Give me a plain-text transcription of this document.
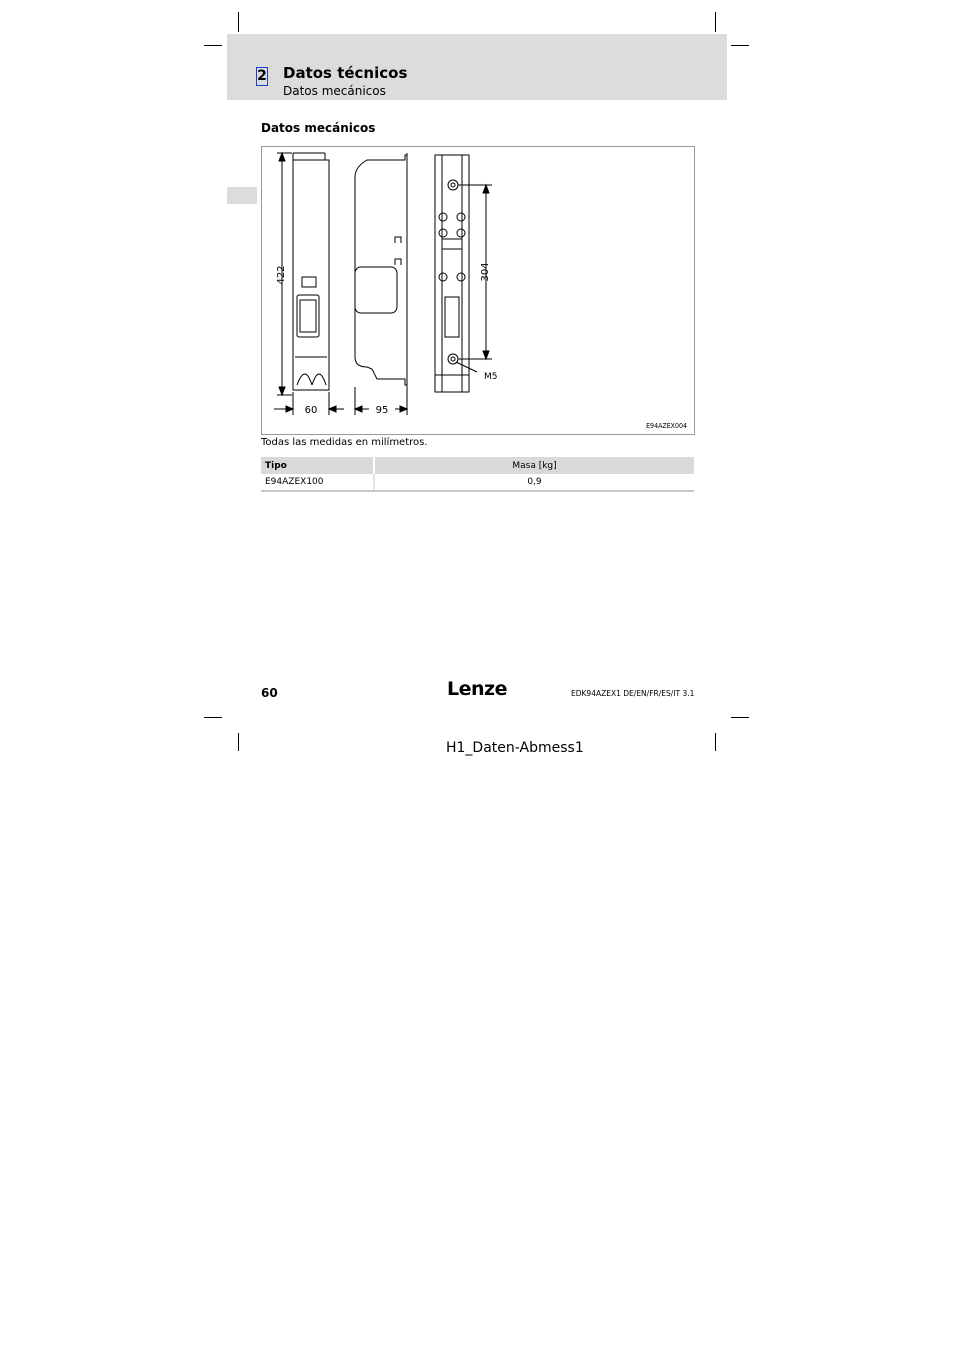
2 Datos técnicos
Datos mecánicos
Datos mecánicos
422
60	95
304
M5
E94AZEX004
Todas las medidas en milímetros.
Tipo	Masa [kg]
E94AZEX100	0,9
60	Lenze	EDK94AZEX1 DE/EN/FR/ES/IT 3.1
H1_Daten-Abmess1
